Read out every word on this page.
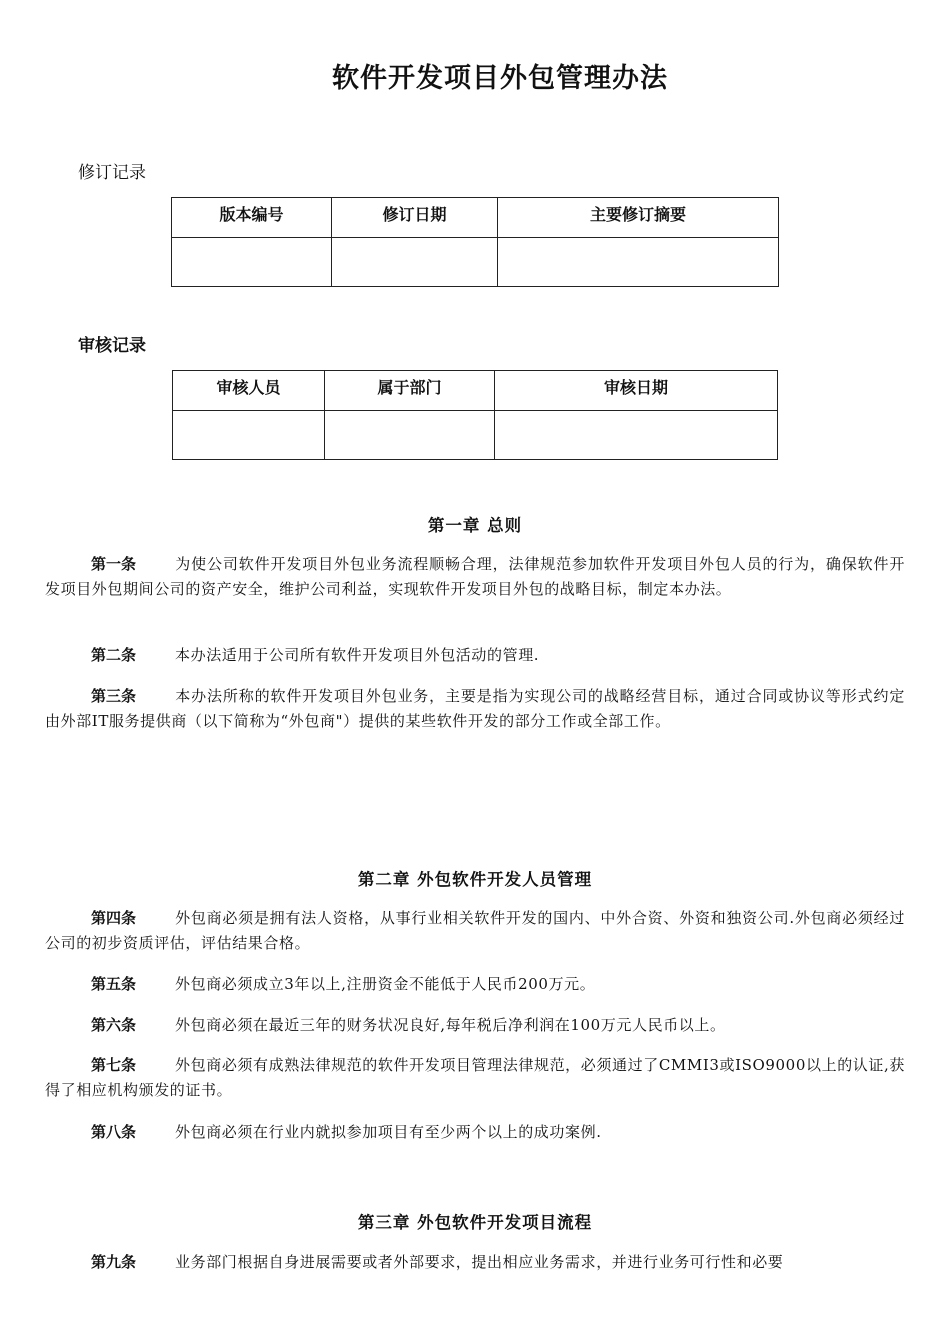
软件开发项目外包管理办法
修订记录
版本编号	修订日期	主要修订摘要

审核记录
审核人员	属于部门	审核日期

第一章 总则
第一条	为使公司软件开发项目外包业务流程顺畅合理，法律规范参加软件开发项目外包人员的行为，确保软件开发项目外包期间公司的资产安全，维护公司利益，实现软件开发项目外包的战略目标，制定本办法。
第二条	本办法适用于公司所有软件开发项目外包活动的管理.
第三条	本办法所称的软件开发项目外包业务，主要是指为实现公司的战略经营目标，通过合同或协议等形式约定由外部IT服务提供商（以下简称为“外包商"）提供的某些软件开发的部分工作或全部工作。
第二章 外包软件开发人员管理
第四条	外包商必须是拥有法人资格，从事行业相关软件开发的国内、中外合资、外资和独资公司.外包商必须经过公司的初步资质评估，评估结果合格。
第五条	外包商必须成立3年以上,注册资金不能低于人民币200万元。
第六条	外包商必须在最近三年的财务状况良好,每年税后净利润在100万元人民币以上。
第七条	外包商必须有成熟法律规范的软件开发项目管理法律规范，必须通过了CMMI3或ISO9000以上的认证,获得了相应机构颁发的证书。
第八条	外包商必须在行业内就拟参加项目有至少两个以上的成功案例.
第三章 外包软件开发项目流程
第九条	业务部门根据自身进展需要或者外部要求，提出相应业务需求，并进行业务可行性和必要
